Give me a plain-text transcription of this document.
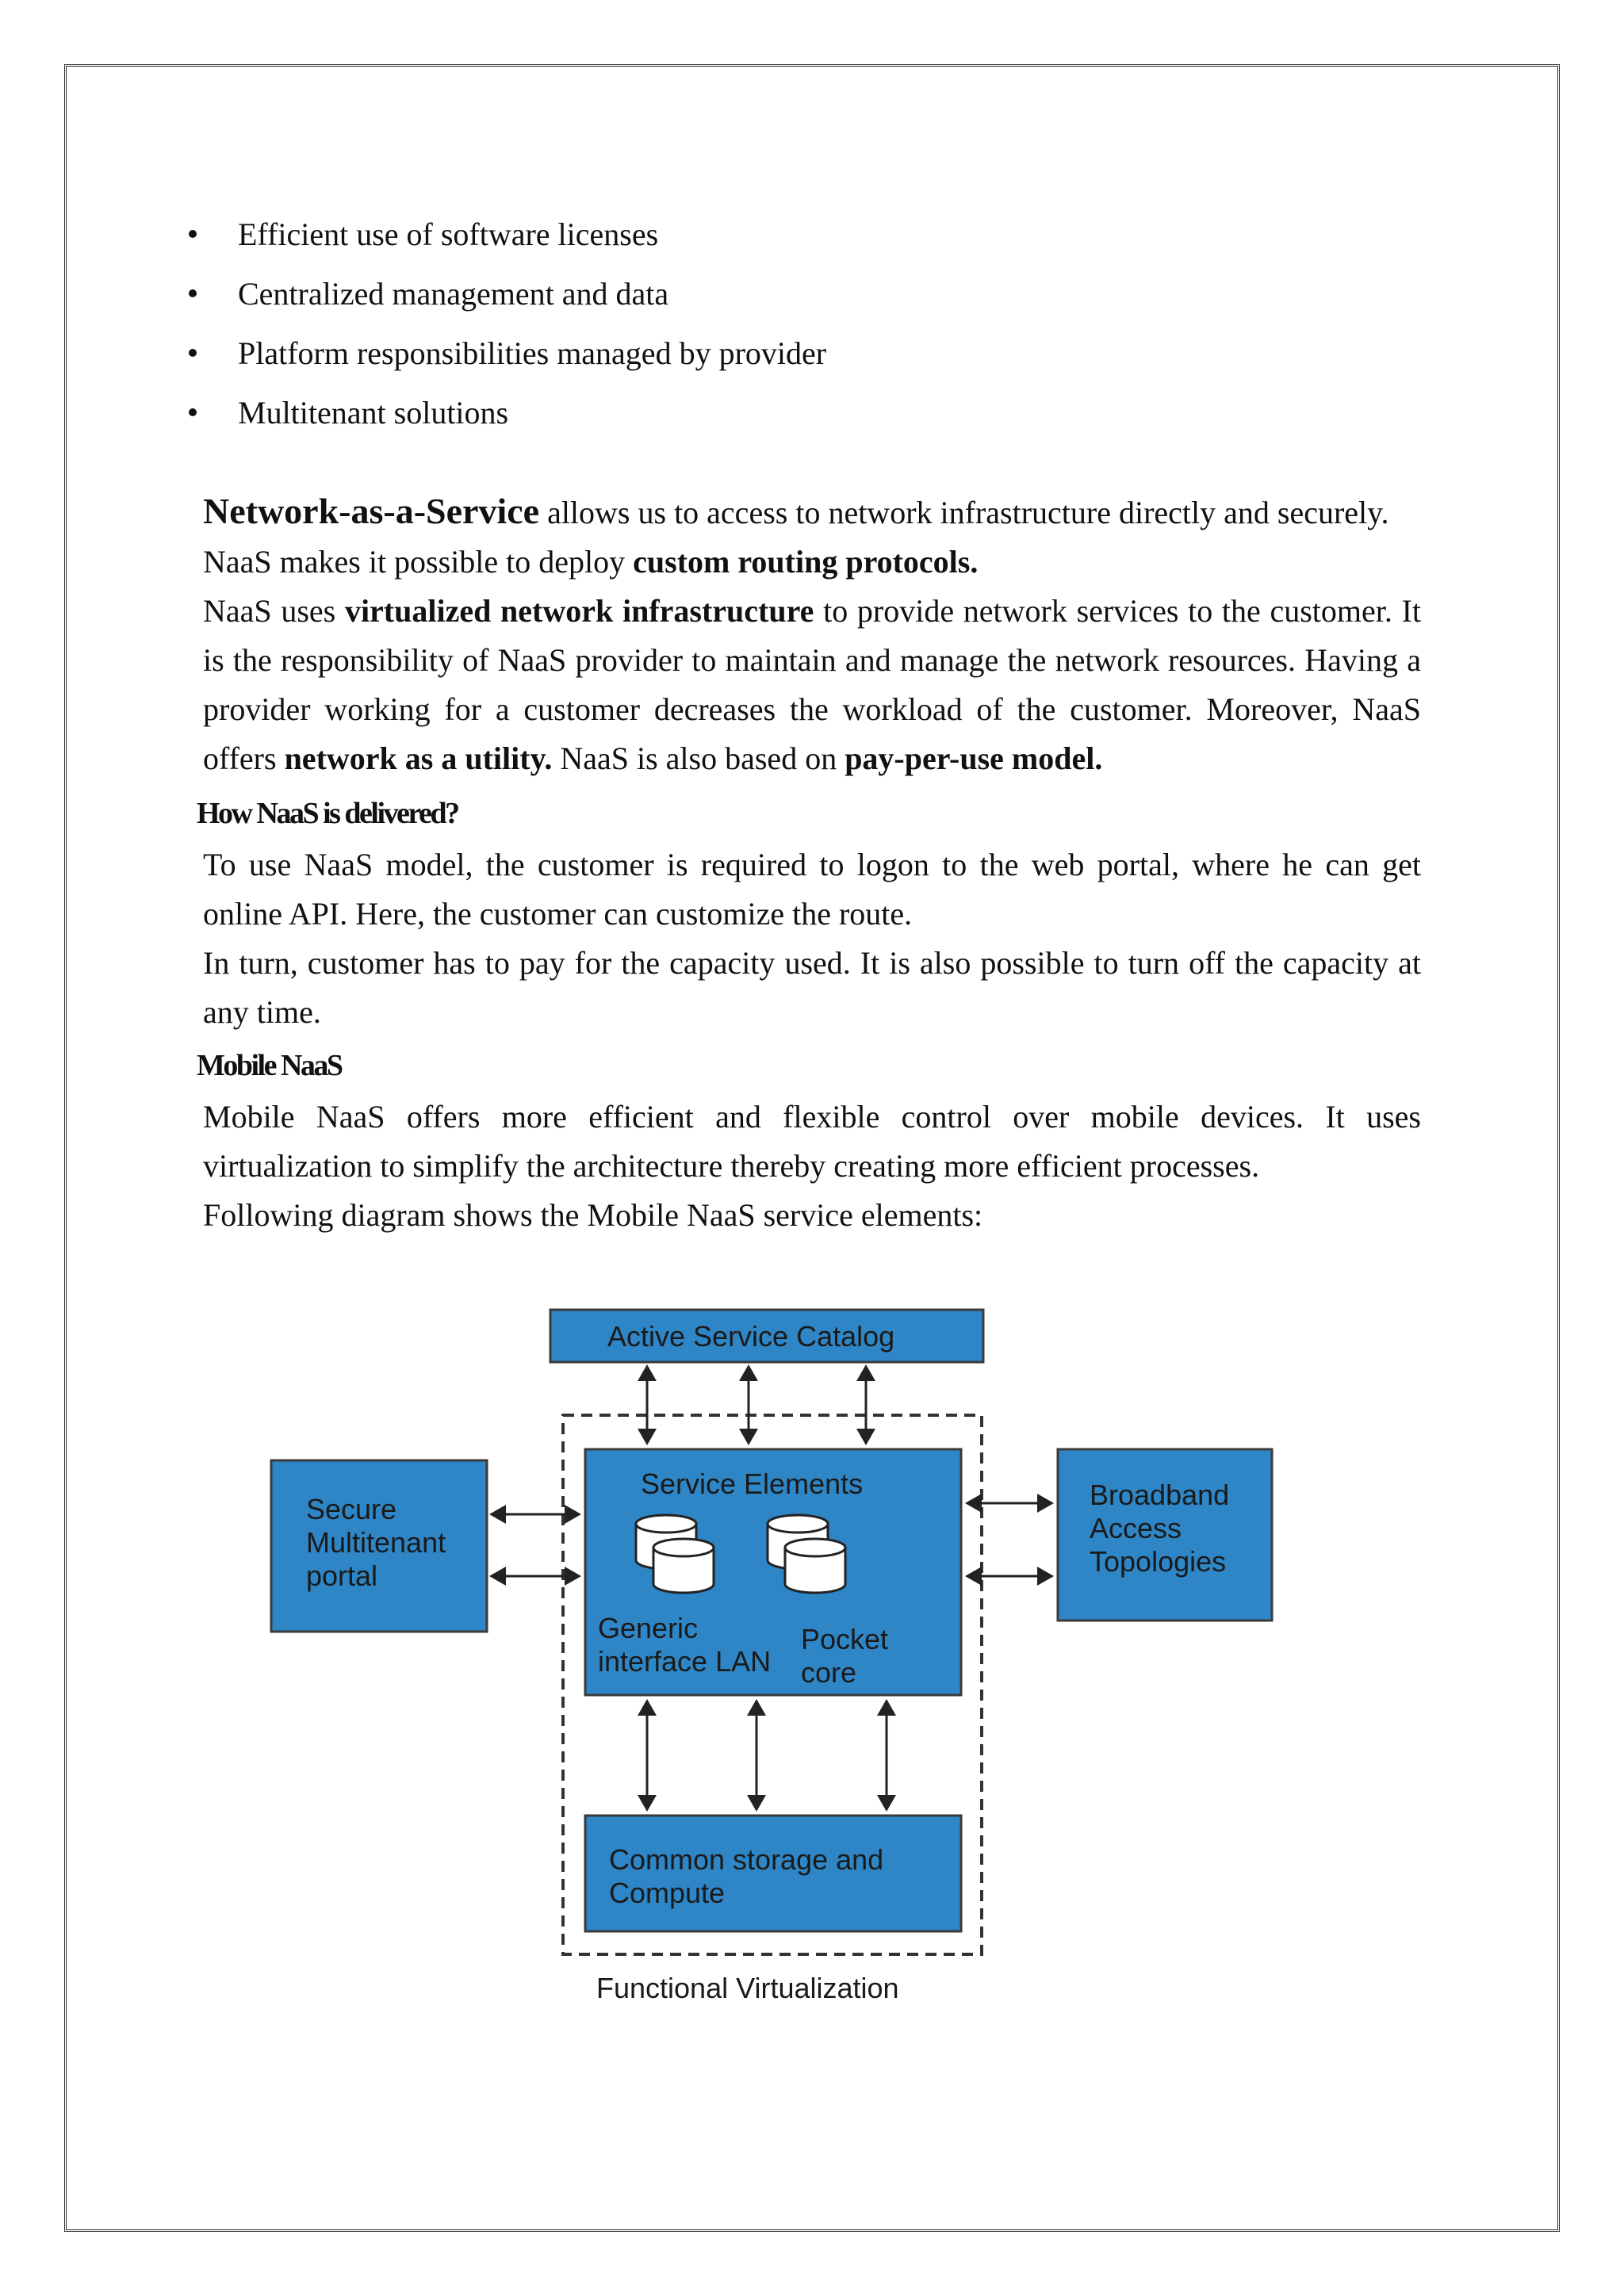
Efficient use of software licenses
Centralized management and data
Platform responsibilities managed by provider
Multitenant solutions

Network-as-a-Service allows us to access to network infrastructure directly and securely.

NaaS makes it possible to deploy custom routing protocols.

NaaS uses virtualized network infrastructure to provide network services to the customer. It is the responsibility of NaaS provider to maintain and manage the network resources. Having a provider working for a customer decreases the workload of the customer. Moreover, NaaS offers network as a utility. NaaS is also based on pay-per-use model.

How NaaS is delivered?

To use NaaS model, the customer is required to logon to the web portal, where he can get online API. Here, the customer can customize the route.

In turn, customer has to pay for the capacity used. It is also possible to turn off the capacity at any time.

Mobile NaaS

Mobile NaaS offers more efficient and flexible control over mobile devices. It uses virtualization to simplify the architecture thereby creating more efficient processes.

Following diagram shows the Mobile NaaS service elements:

Active Service Catalog
Secure Multitenant portal
Service Elements
Generic interface LAN
Pocket core
Broadband Access Topologies
Common storage and Compute
Functional Virtualization
